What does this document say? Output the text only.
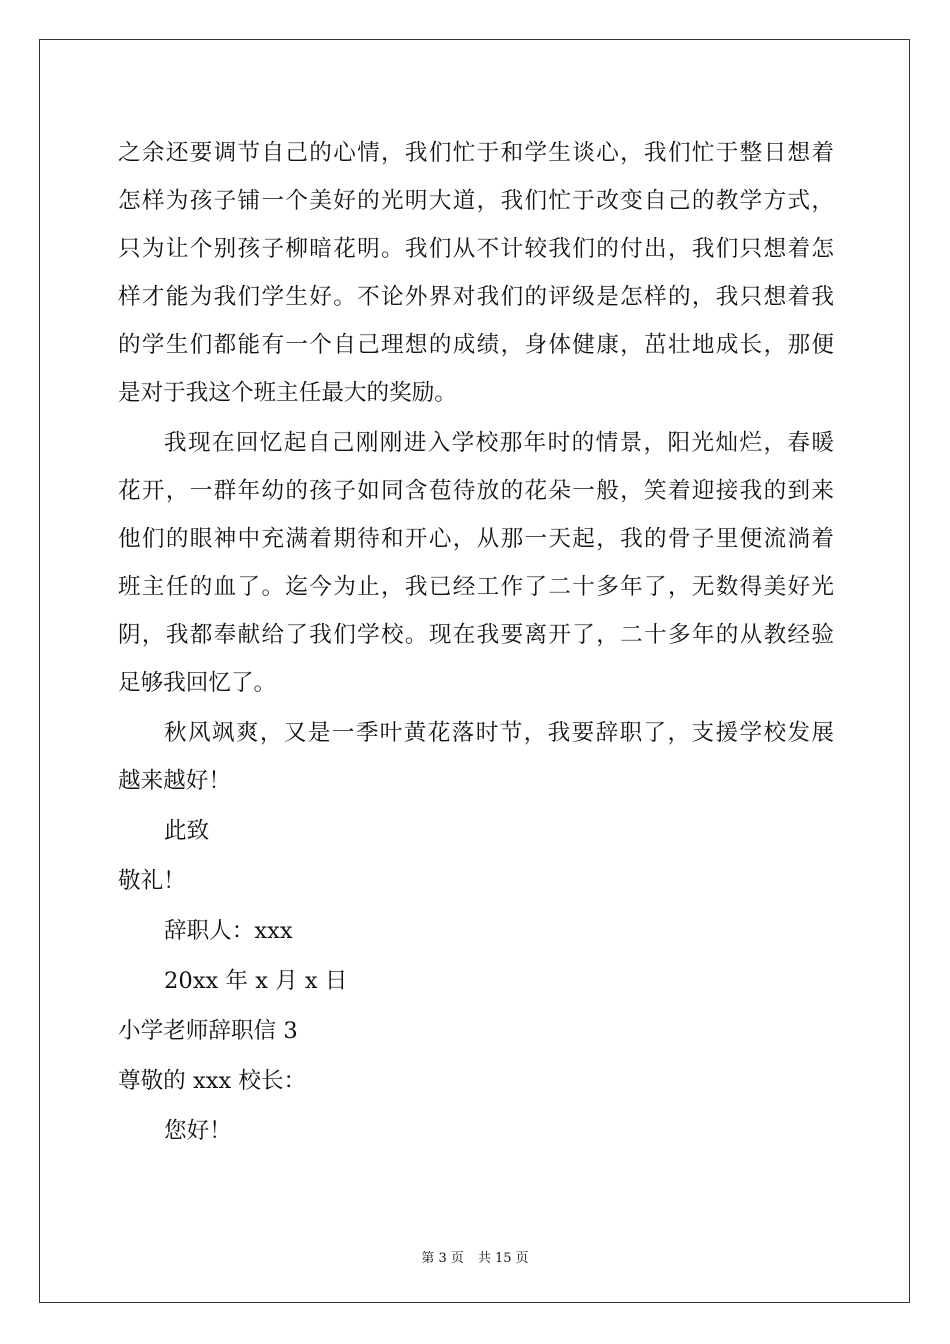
之余还要调节自己的心情，我们忙于和学生谈心，我们忙于整日想着
怎样为孩子铺一个美好的光明大道，我们忙于改变自己的教学方式，
只为让个别孩子柳暗花明。我们从不计较我们的付出，我们只想着怎
样才能为我们学生好。不论外界对我们的评级是怎样的，我只想着我
的学生们都能有一个自己理想的成绩，身体健康，茁壮地成长，那便
是对于我这个班主任最大的奖励。
我现在回忆起自己刚刚进入学校那年时的情景，阳光灿烂，春暖
花开，一群年幼的孩子如同含苞待放的花朵一般，笑着迎接我的到来
他们的眼神中充满着期待和开心，从那一天起，我的骨子里便流淌着
班主任的血了。迄今为止，我已经工作了二十多年了，无数得美好光
阴，我都奉献给了我们学校。现在我要离开了，二十多年的从教经验
足够我回忆了。
秋风飒爽，又是一季叶黄花落时节，我要辞职了，支援学校发展
越来越好！
此致
敬礼！
辞职人：xxx
20xx 年 x 月 x 日
小学老师辞职信 3
尊敬的 xxx 校长：
您好！
第 3 页 共 15 页
